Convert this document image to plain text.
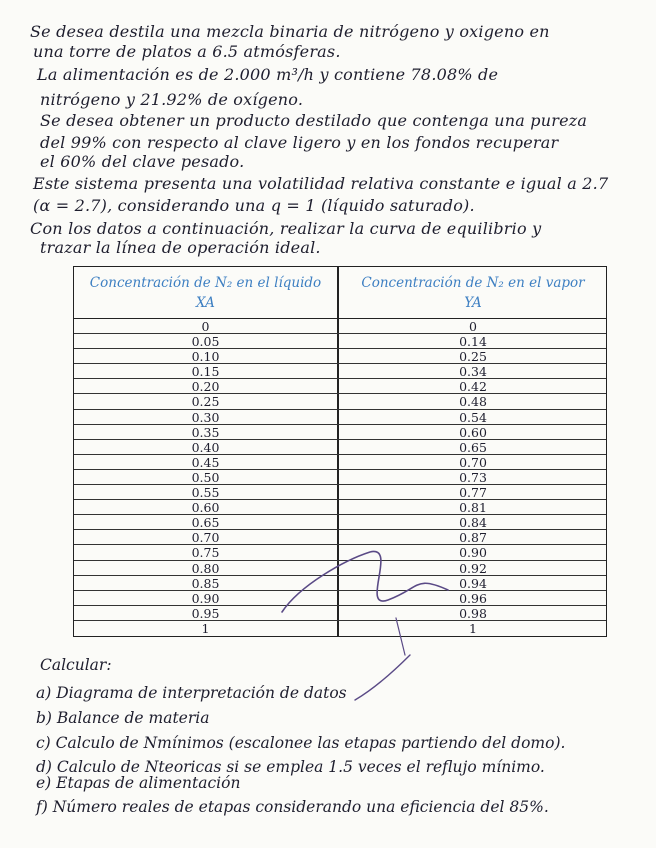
Se desea destila una mezcla binaria de nitrógeno y oxigeno en
una torre de platos a 6.5 atmósferas.
La alimentación es de 2.000 m³/h y contiene 78.08% de
nitrógeno y 21.92% de oxígeno.
Se desea obtener un producto destilado que contenga una pureza
del 99% con respecto al clave ligero y en los fondos recuperar
el 60% del clave pesado.
Este sistema presenta una volatilidad relativa constante e igual a 2.7
(α = 2.7), considerando una q = 1 (líquido saturado).
Con los datos a continuación, realizar la curva de equilibrio y
trazar la línea de operación ideal.
Concentración de N₂ en el líquido
XA
Concentración de N₂ en el vapor
YA
0	0
0.05	0.14
0.10	0.25
0.15	0.34
0.20	0.42
0.25	0.48
0.30	0.54
0.35	0.60
0.40	0.65
0.45	0.70
0.50	0.73
0.55	0.77
0.60	0.81
0.65	0.84
0.70	0.87
0.75	0.90
0.80	0.92
0.85	0.94
0.90	0.96
0.95	0.98
1	1
Calcular:
a) Diagrama de interpretación de datos
b) Balance de materia
c) Calculo de Nmínimos (escalonee las etapas partiendo del domo).
d) Calculo de Nteoricas si se emplea 1.5 veces el reflujo mínimo.
e) Etapas de alimentación
f) Número reales de etapas considerando una eficiencia del 85%.
